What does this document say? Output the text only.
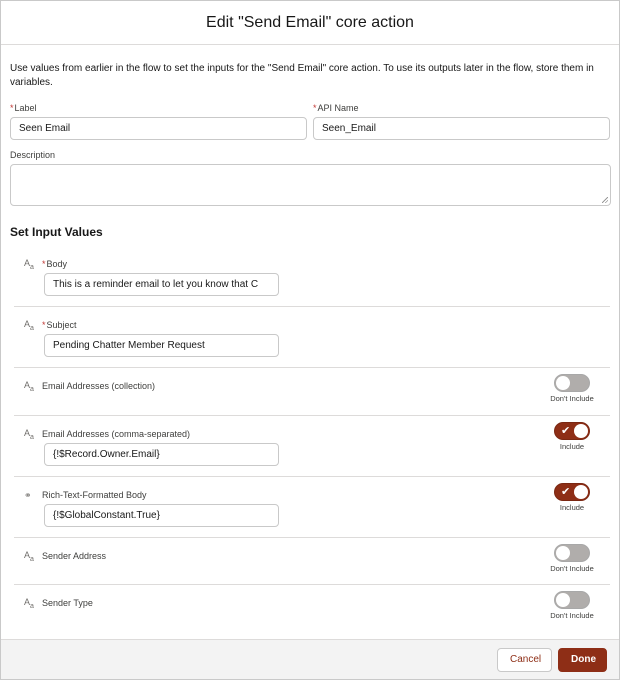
Edit "Send Email" core action

Use values from earlier in the flow to set the inputs for the "Send Email" core action. To use its outputs later in the flow, store them in variables.

*Label
Seen Email
*API Name
Seen_Email
Description
Set Input Values
$A_a$ * Body
This is a reminder email to let you know that C
$A_a$ * Subject
Pending Chatter Member Request
$A_a$ Email Addresses (collection)
Don't Include
$A_a$ Email Addresses (comma-separated)
{!$Record.Owner.Email}
✔
Include
⚭	Rich-Text-Formatted Body
{!$GlobalConstant.True}
✔
Include
$A_a$ Sender Address
Don't Include
$A_a$ Sender Type
Don't Include
Cancel	Done
